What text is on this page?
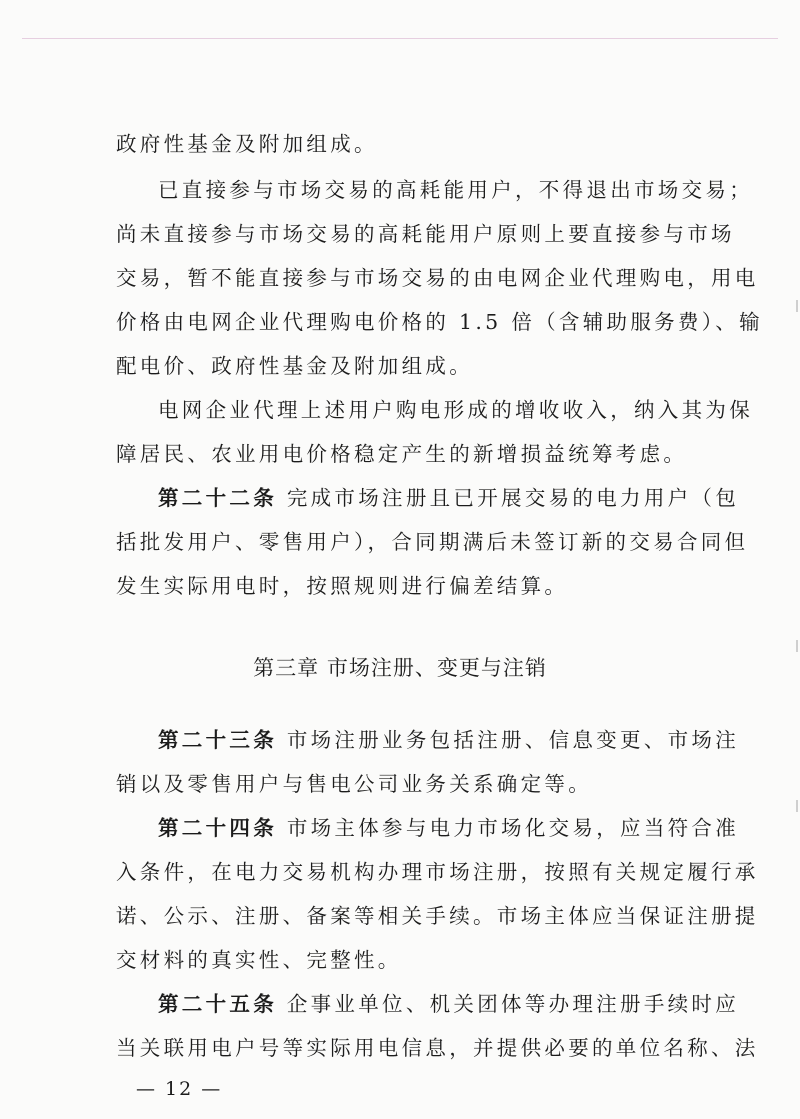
政府性基金及附加组成。
已直接参与市场交易的高耗能用户，不得退出市场交易；
尚未直接参与市场交易的高耗能用户原则上要直接参与市场
交易，暂不能直接参与市场交易的由电网企业代理购电，用电
价格由电网企业代理购电价格的 1.5 倍（含辅助服务费）、输
配电价、政府性基金及附加组成。
电网企业代理上述用户购电形成的增收收入，纳入其为保
障居民、农业用电价格稳定产生的新增损益统筹考虑。
第二十二条 完成市场注册且已开展交易的电力用户（包
括批发用户、零售用户），合同期满后未签订新的交易合同但
发生实际用电时，按照规则进行偏差结算。
第三章 市场注册、变更与注销
第二十三条 市场注册业务包括注册、信息变更、市场注
销以及零售用户与售电公司业务关系确定等。
第二十四条 市场主体参与电力市场化交易，应当符合准
入条件，在电力交易机构办理市场注册，按照有关规定履行承
诺、公示、注册、备案等相关手续。市场主体应当保证注册提
交材料的真实性、完整性。
第二十五条 企事业单位、机关团体等办理注册手续时应
当关联用电户号等实际用电信息，并提供必要的单位名称、法
— 12 —
